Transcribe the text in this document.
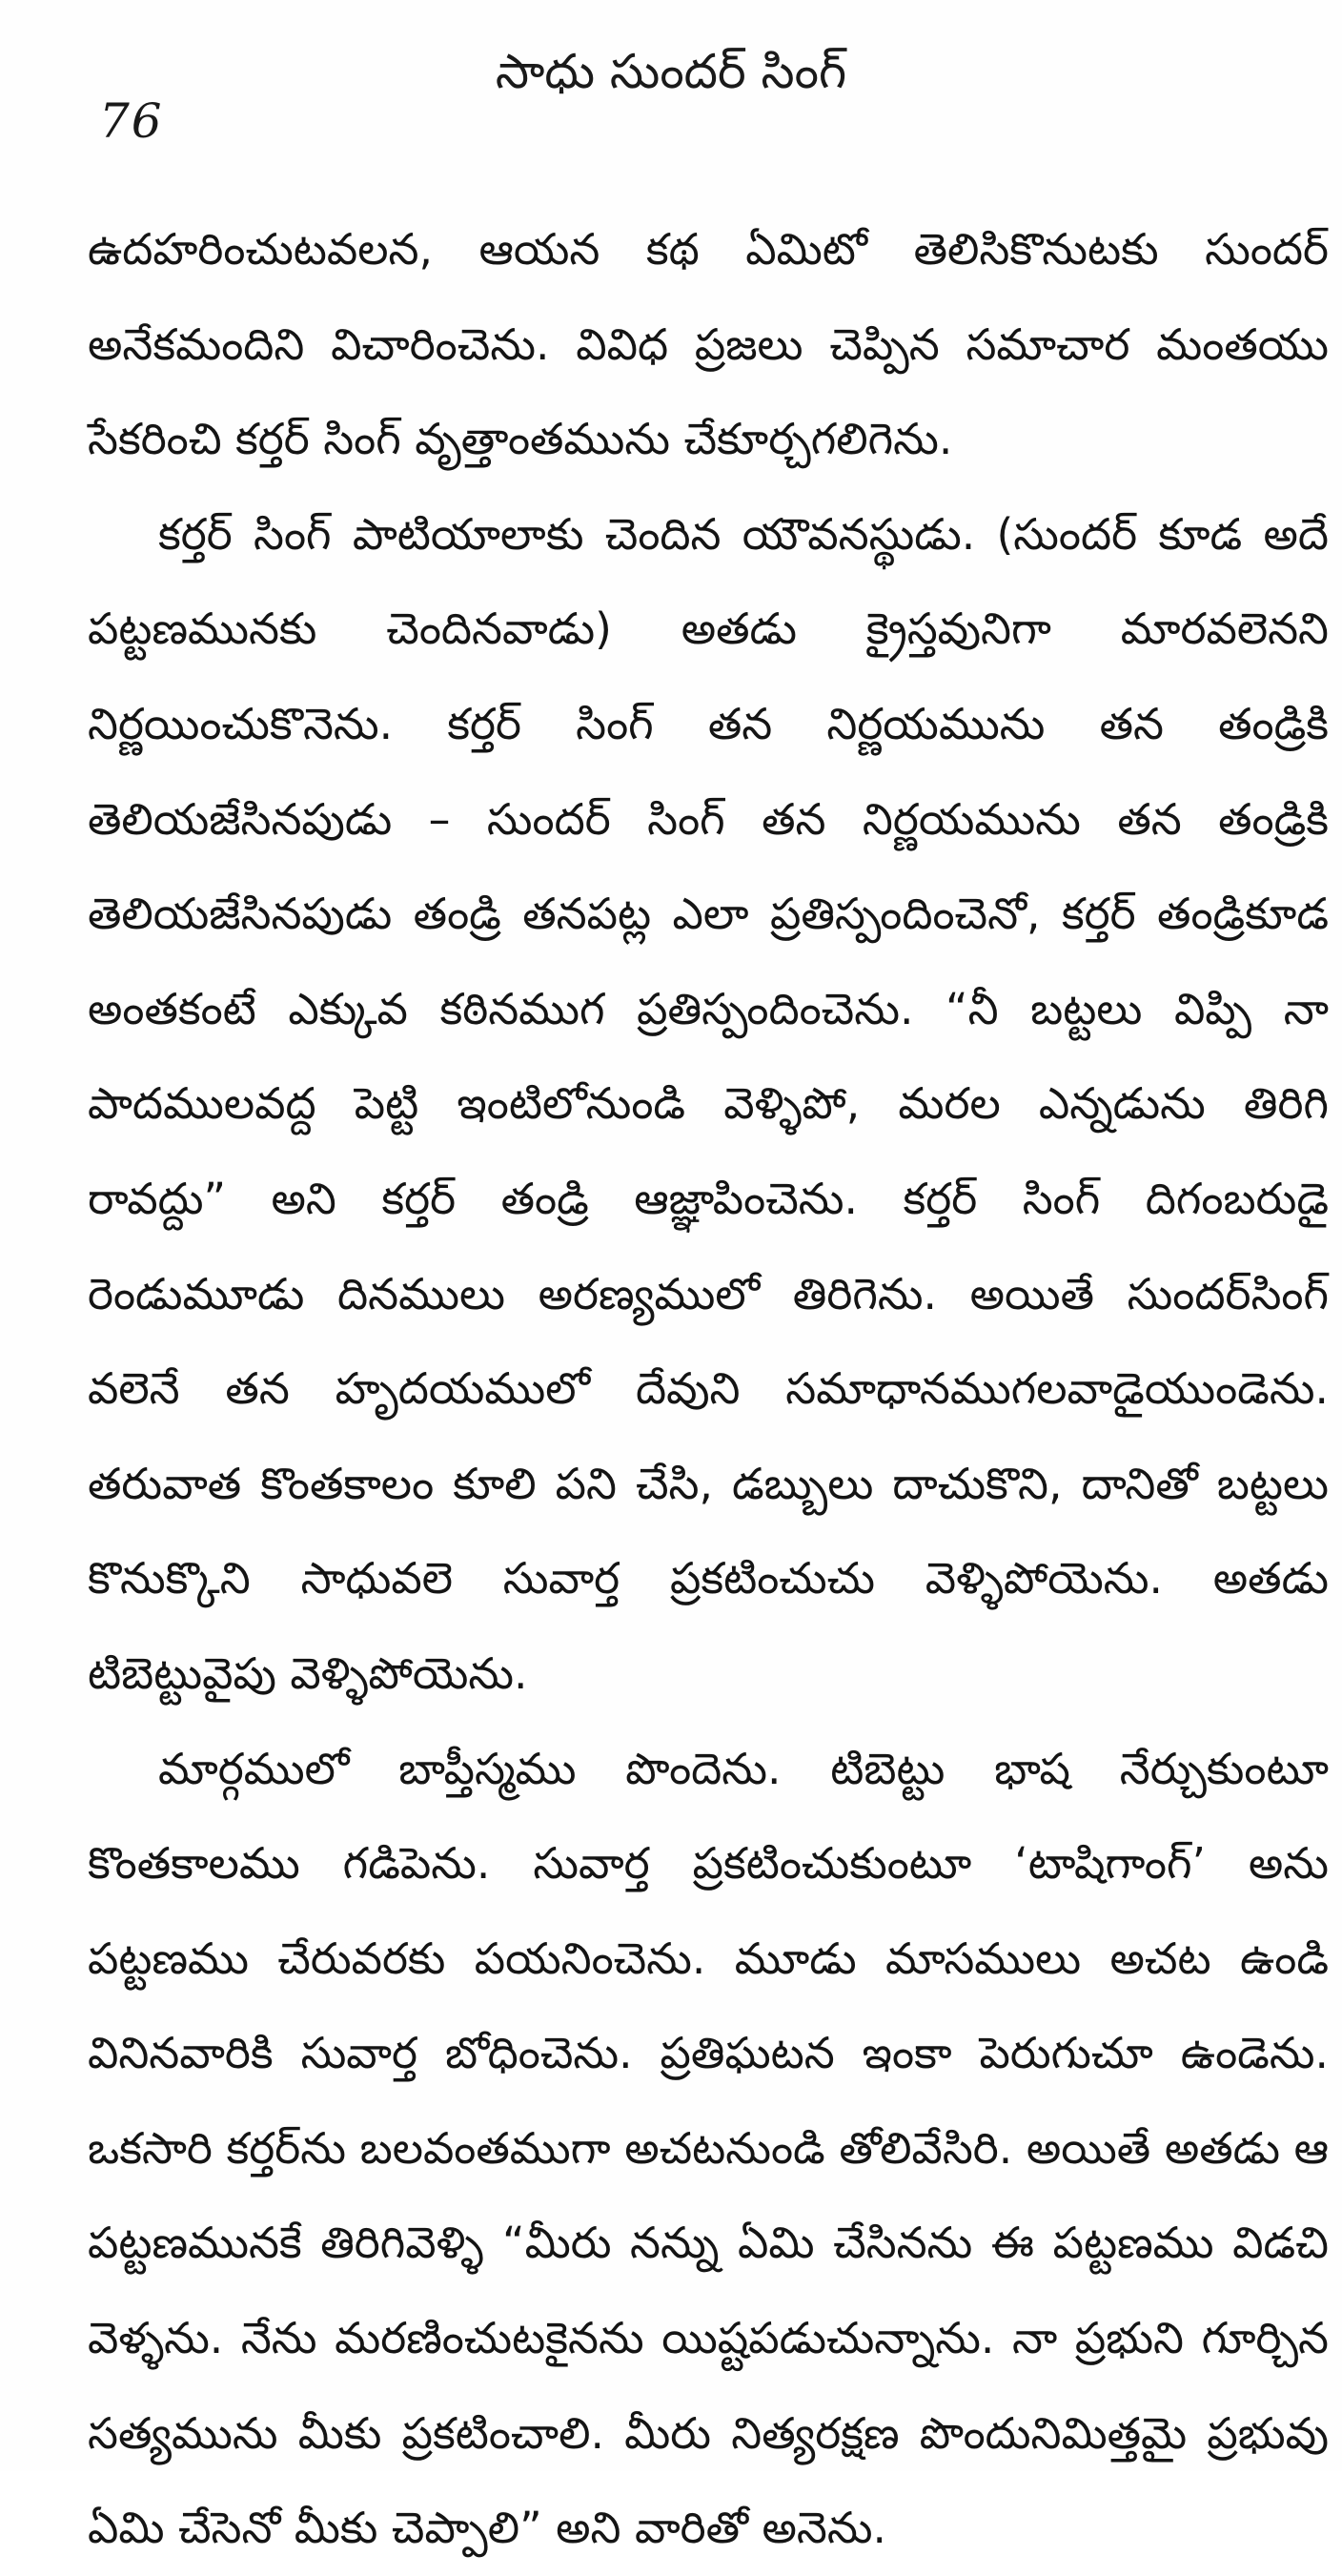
సాధు సుందర్ సింగ్
76

ఉదహరించుటవలన, ఆయన కథ ఏమిటో తెలిసికొనుటకు సుందర్ అనేకమందిని విచారించెను. వివిధ ప్రజలు చెప్పిన సమాచార మంతయు సేకరించి కర్తర్ సింగ్ వృత్తాంతమును చేకూర్చగలిగెను.

కర్తర్ సింగ్ పాటియాలాకు చెందిన యౌవనస్థుడు. (సుందర్ కూడ అదే పట్టణమునకు చెందినవాడు) అతడు క్రైస్తవునిగా మారవలెనని నిర్ణయించుకొనెను. కర్తర్ సింగ్ తన నిర్ణయమును తన తండ్రికి తెలియజేసినపుడు – సుందర్ సింగ్ తన నిర్ణయమును తన తండ్రికి తెలియజేసినపుడు తండ్రి తనపట్ల ఎలా ప్రతిస్పందించెనో, కర్తర్ తండ్రికూడ అంతకంటే ఎక్కువ కఠినముగ ప్రతిస్పందించెను. “నీ బట్టలు విప్పి నా పాదములవద్ద పెట్టి ఇంటిలోనుండి వెళ్ళిపో, మరల ఎన్నడును తిరిగి రావద్దు” అని కర్తర్ తండ్రి ఆజ్ఞాపించెను. కర్తర్ సింగ్ దిగంబరుడై రెండుమూడు దినములు అరణ్యములో తిరిగెను. అయితే సుందర్‌సింగ్ వలెనే తన హృదయములో దేవుని సమాధానముగలవాడైయుండెను. తరువాత కొంతకాలం కూలి పని చేసి, డబ్బులు దాచుకొని, దానితో బట్టలు కొనుక్కొని సాధువలె సువార్త ప్రకటించుచు వెళ్ళిపోయెను. అతడు టిబెట్టువైపు వెళ్ళిపోయెను.

మార్గములో బాప్తీస్మము పొందెను. టిబెట్టు భాష నేర్చుకుంటూ కొంతకాలము గడిపెను. సువార్త ప్రకటించుకుంటూ ‘టాషిగాంగ్’ అను పట్టణము చేరువరకు పయనించెను. మూడు మాసములు అచట ఉండి వినినవారికి సువార్త బోధించెను. ప్రతిఘటన ఇంకా పెరుగుచూ ఉండెను. ఒకసారి కర్తర్‌ను బలవంతముగా అచటనుండి తోలివేసిరి. అయితే అతడు ఆ పట్టణమునకే తిరిగివెళ్ళి “మీరు నన్ను ఏమి చేసినను ఈ పట్టణము విడచి వెళ్ళను. నేను మరణించుటకైనను యిష్టపడుచున్నాను. నా ప్రభుని గూర్చిన సత్యమును మీకు ప్రకటించాలి. మీరు నిత్యరక్షణ పొందునిమిత్తమై ప్రభువు ఏమి చేసెనో మీకు చెప్పాలి” అని వారితో అనెను.
